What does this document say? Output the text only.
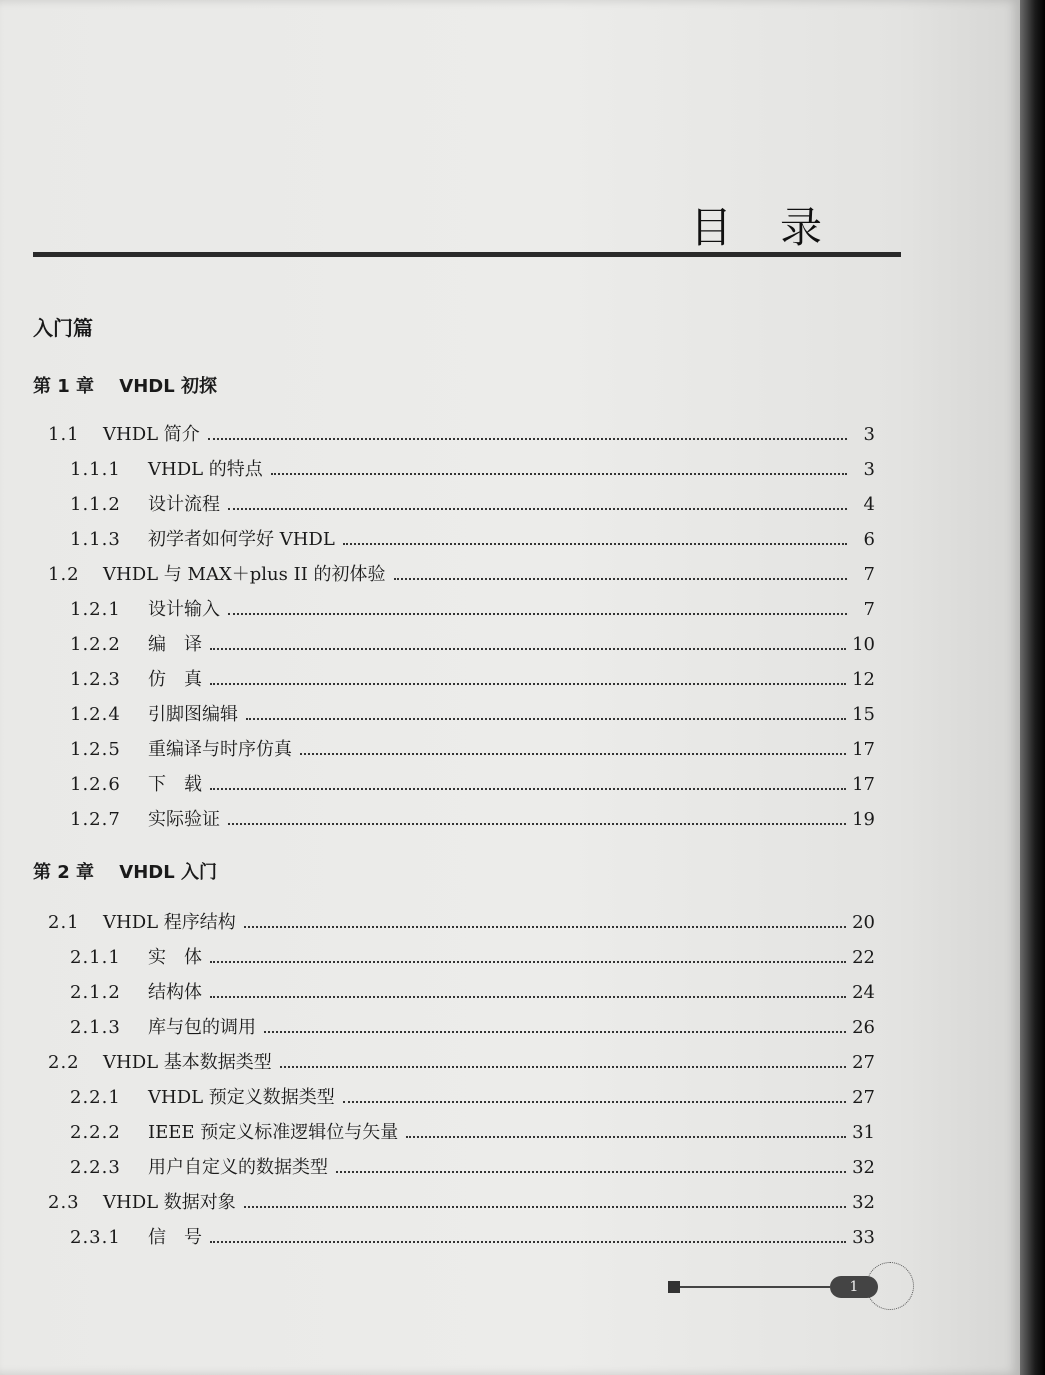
目录
入门篇
第 1 章 VHDL 初探
1.1	VHDL 简介	3
1.1.1	VHDL 的特点	3
1.1.2	设计流程	4
1.1.3	初学者如何学好 VHDL	6
1.2	VHDL 与 MAX＋plus II 的初体验	7
1.2.1	设计输入	7
1.2.2	编　译	10
1.2.3	仿　真	12
1.2.4	引脚图编辑	15
1.2.5	重编译与时序仿真	17
1.2.6	下　载	17
1.2.7	实际验证	19
第 2 章 VHDL 入门
2.1	VHDL 程序结构	20
2.1.1	实　体	22
2.1.2	结构体	24
2.1.3	库与包的调用	26
2.2	VHDL 基本数据类型	27
2.2.1	VHDL 预定义数据类型	27
2.2.2	IEEE 预定义标准逻辑位与矢量	31
2.2.3	用户自定义的数据类型	32
2.3	VHDL 数据对象	32
2.3.1	信　号	33
1
